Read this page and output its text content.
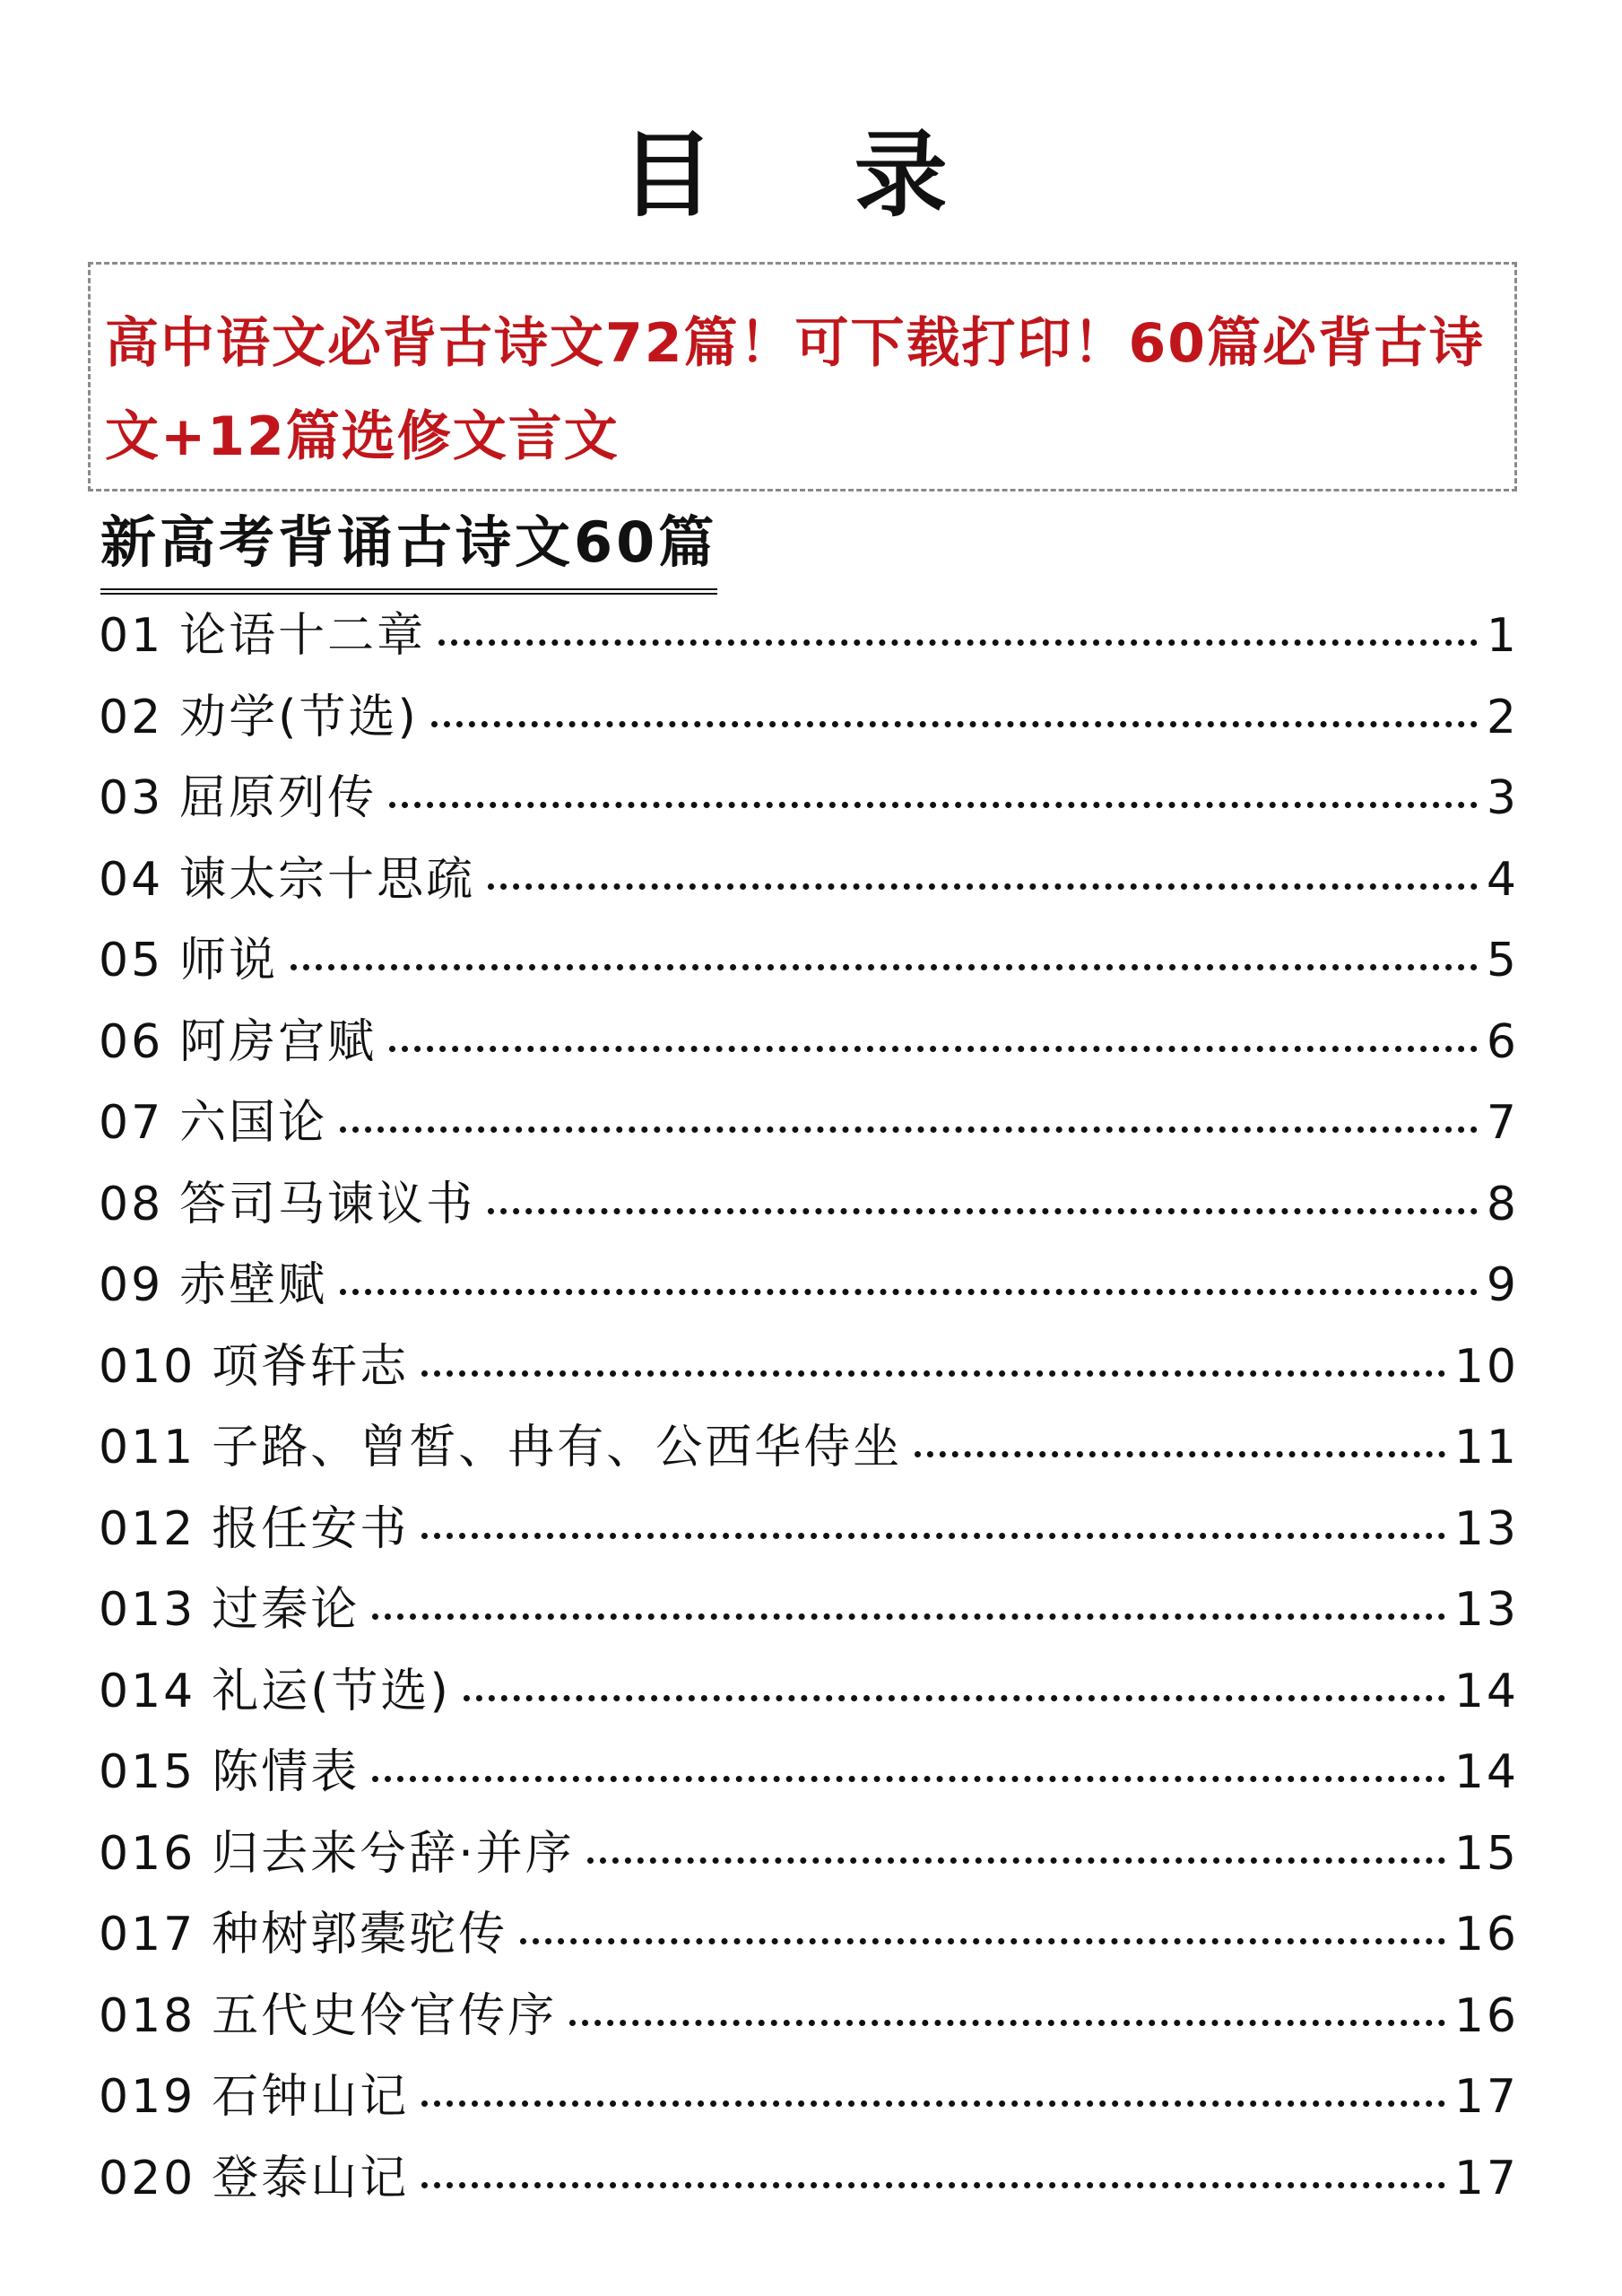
目 录

高中语文必背古诗文72篇！可下载打印！60篇必背古诗文+12篇选修文言文

新高考背诵古诗文60篇
01 论语十二章	1
02 劝学(节选)	2
03 屈原列传	3
04 谏太宗十思疏	4
05 师说	5
06 阿房宫赋	6
07 六国论	7
08 答司马谏议书	8
09 赤壁赋	9
010 项脊轩志	10
011 子路、曾皙、冉有、公西华侍坐	11
012 报任安书	13
013 过秦论	13
014 礼运(节选)	14
015 陈情表	14
016 归去来兮辞·并序	15
017 种树郭橐驼传	16
018 五代史伶官传序	16
019 石钟山记	17
020 登泰山记	17
